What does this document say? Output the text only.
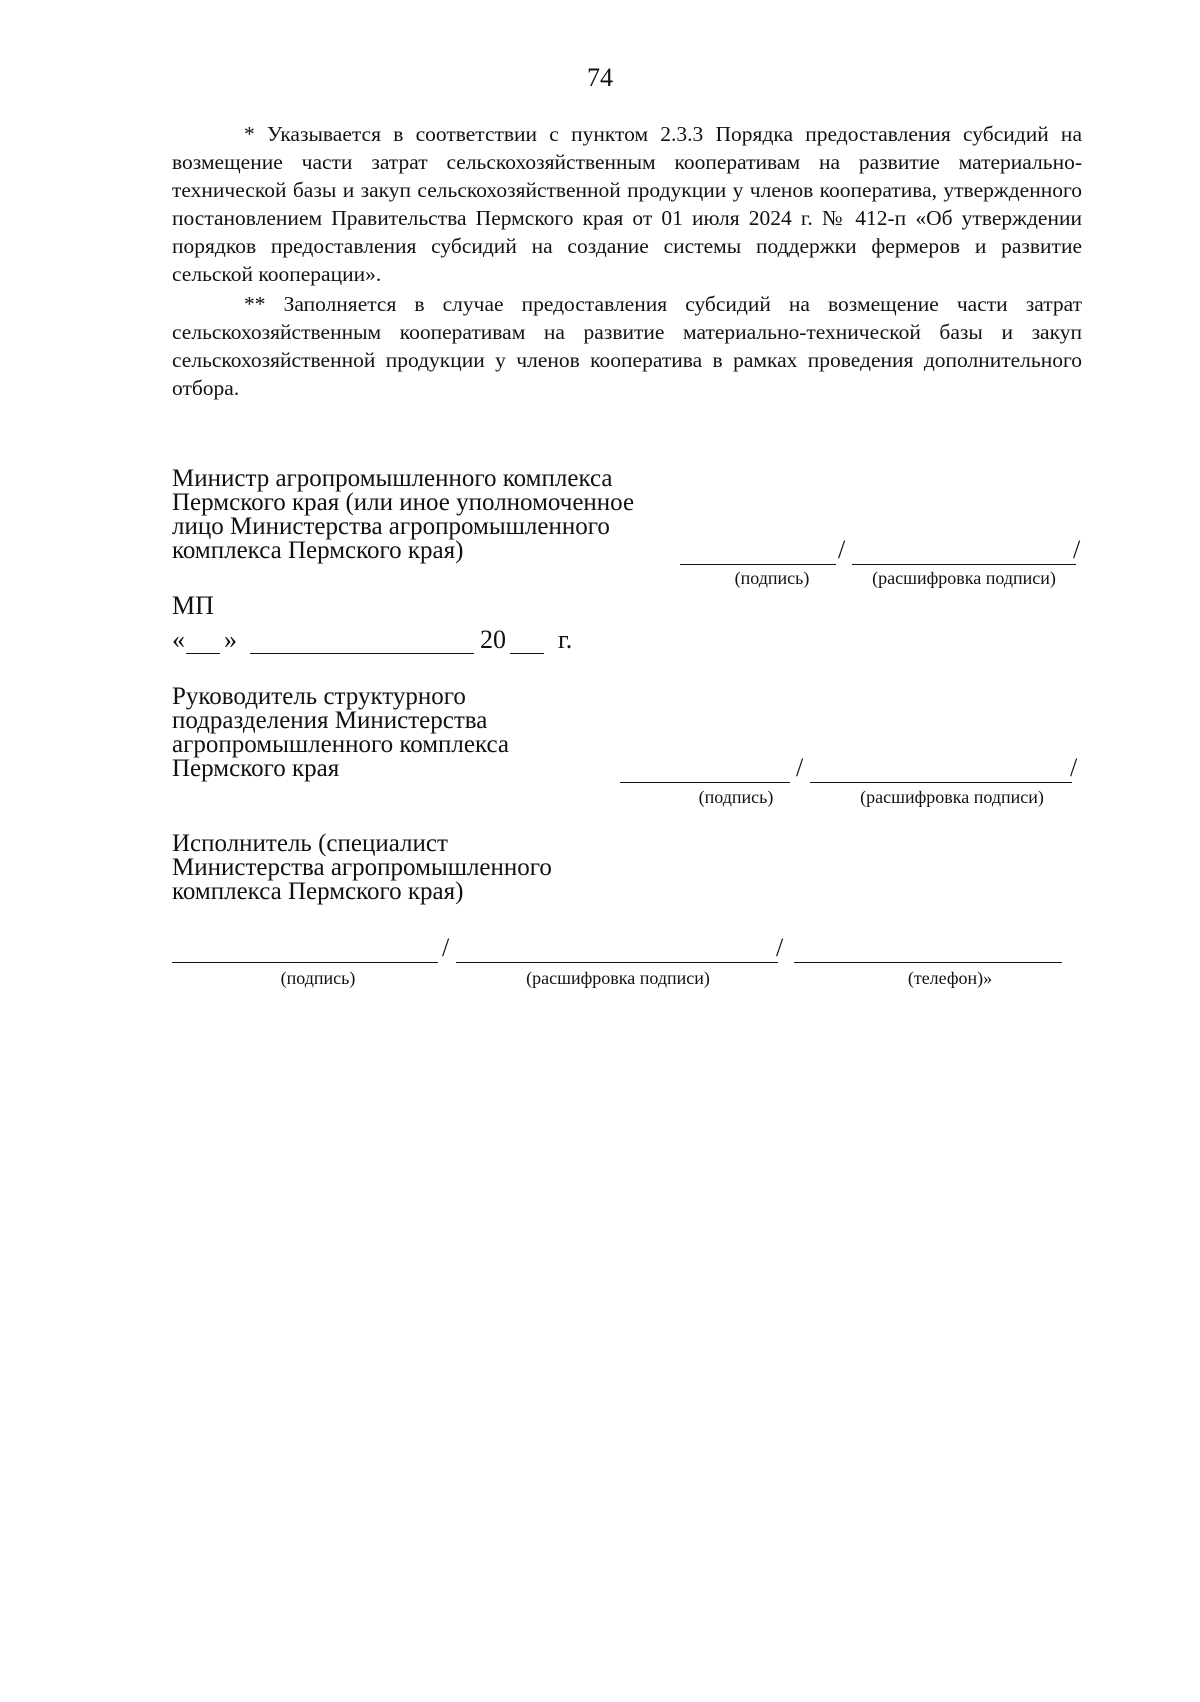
74

* Указывается в соответствии с пунктом 2.3.3 Порядка предоставления субсидий на возмещение части затрат сельскохозяйственным кооперативам на развитие материально-технической базы и закуп сельскохозяйственной продукции у членов кооператива, утвержденного постановлением Правительства Пермского края от 01 июля 2024 г. № 412-п «Об утверждении порядков предоставления субсидий на создание системы поддержки фермеров и развитие сельской кооперации».

** Заполняется в случае предоставления субсидий на возмещение части затрат сельскохозяйственным кооперативам на развитие материально-технической базы и закуп сельскохозяйственной продукции у членов кооператива в рамках проведения дополнительного отбора.

Министр агропромышленного комплекса
Пермского края (или иное уполномоченное
лицо Министерства агропромышленного
комплекса Пермского края)	/	/
(подпись)	(расшифровка подписи)
МП
« »	20 г.
Руководитель структурного
подразделения Министерства
агропромышленного комплекса
Пермского края	/	/
(подпись)	(расшифровка подписи)
Исполнитель (специалист
Министерства агропромышленного
комплекса Пермского края)
/	/
(подпись)	(расшифровка подписи)	(телефон)»
